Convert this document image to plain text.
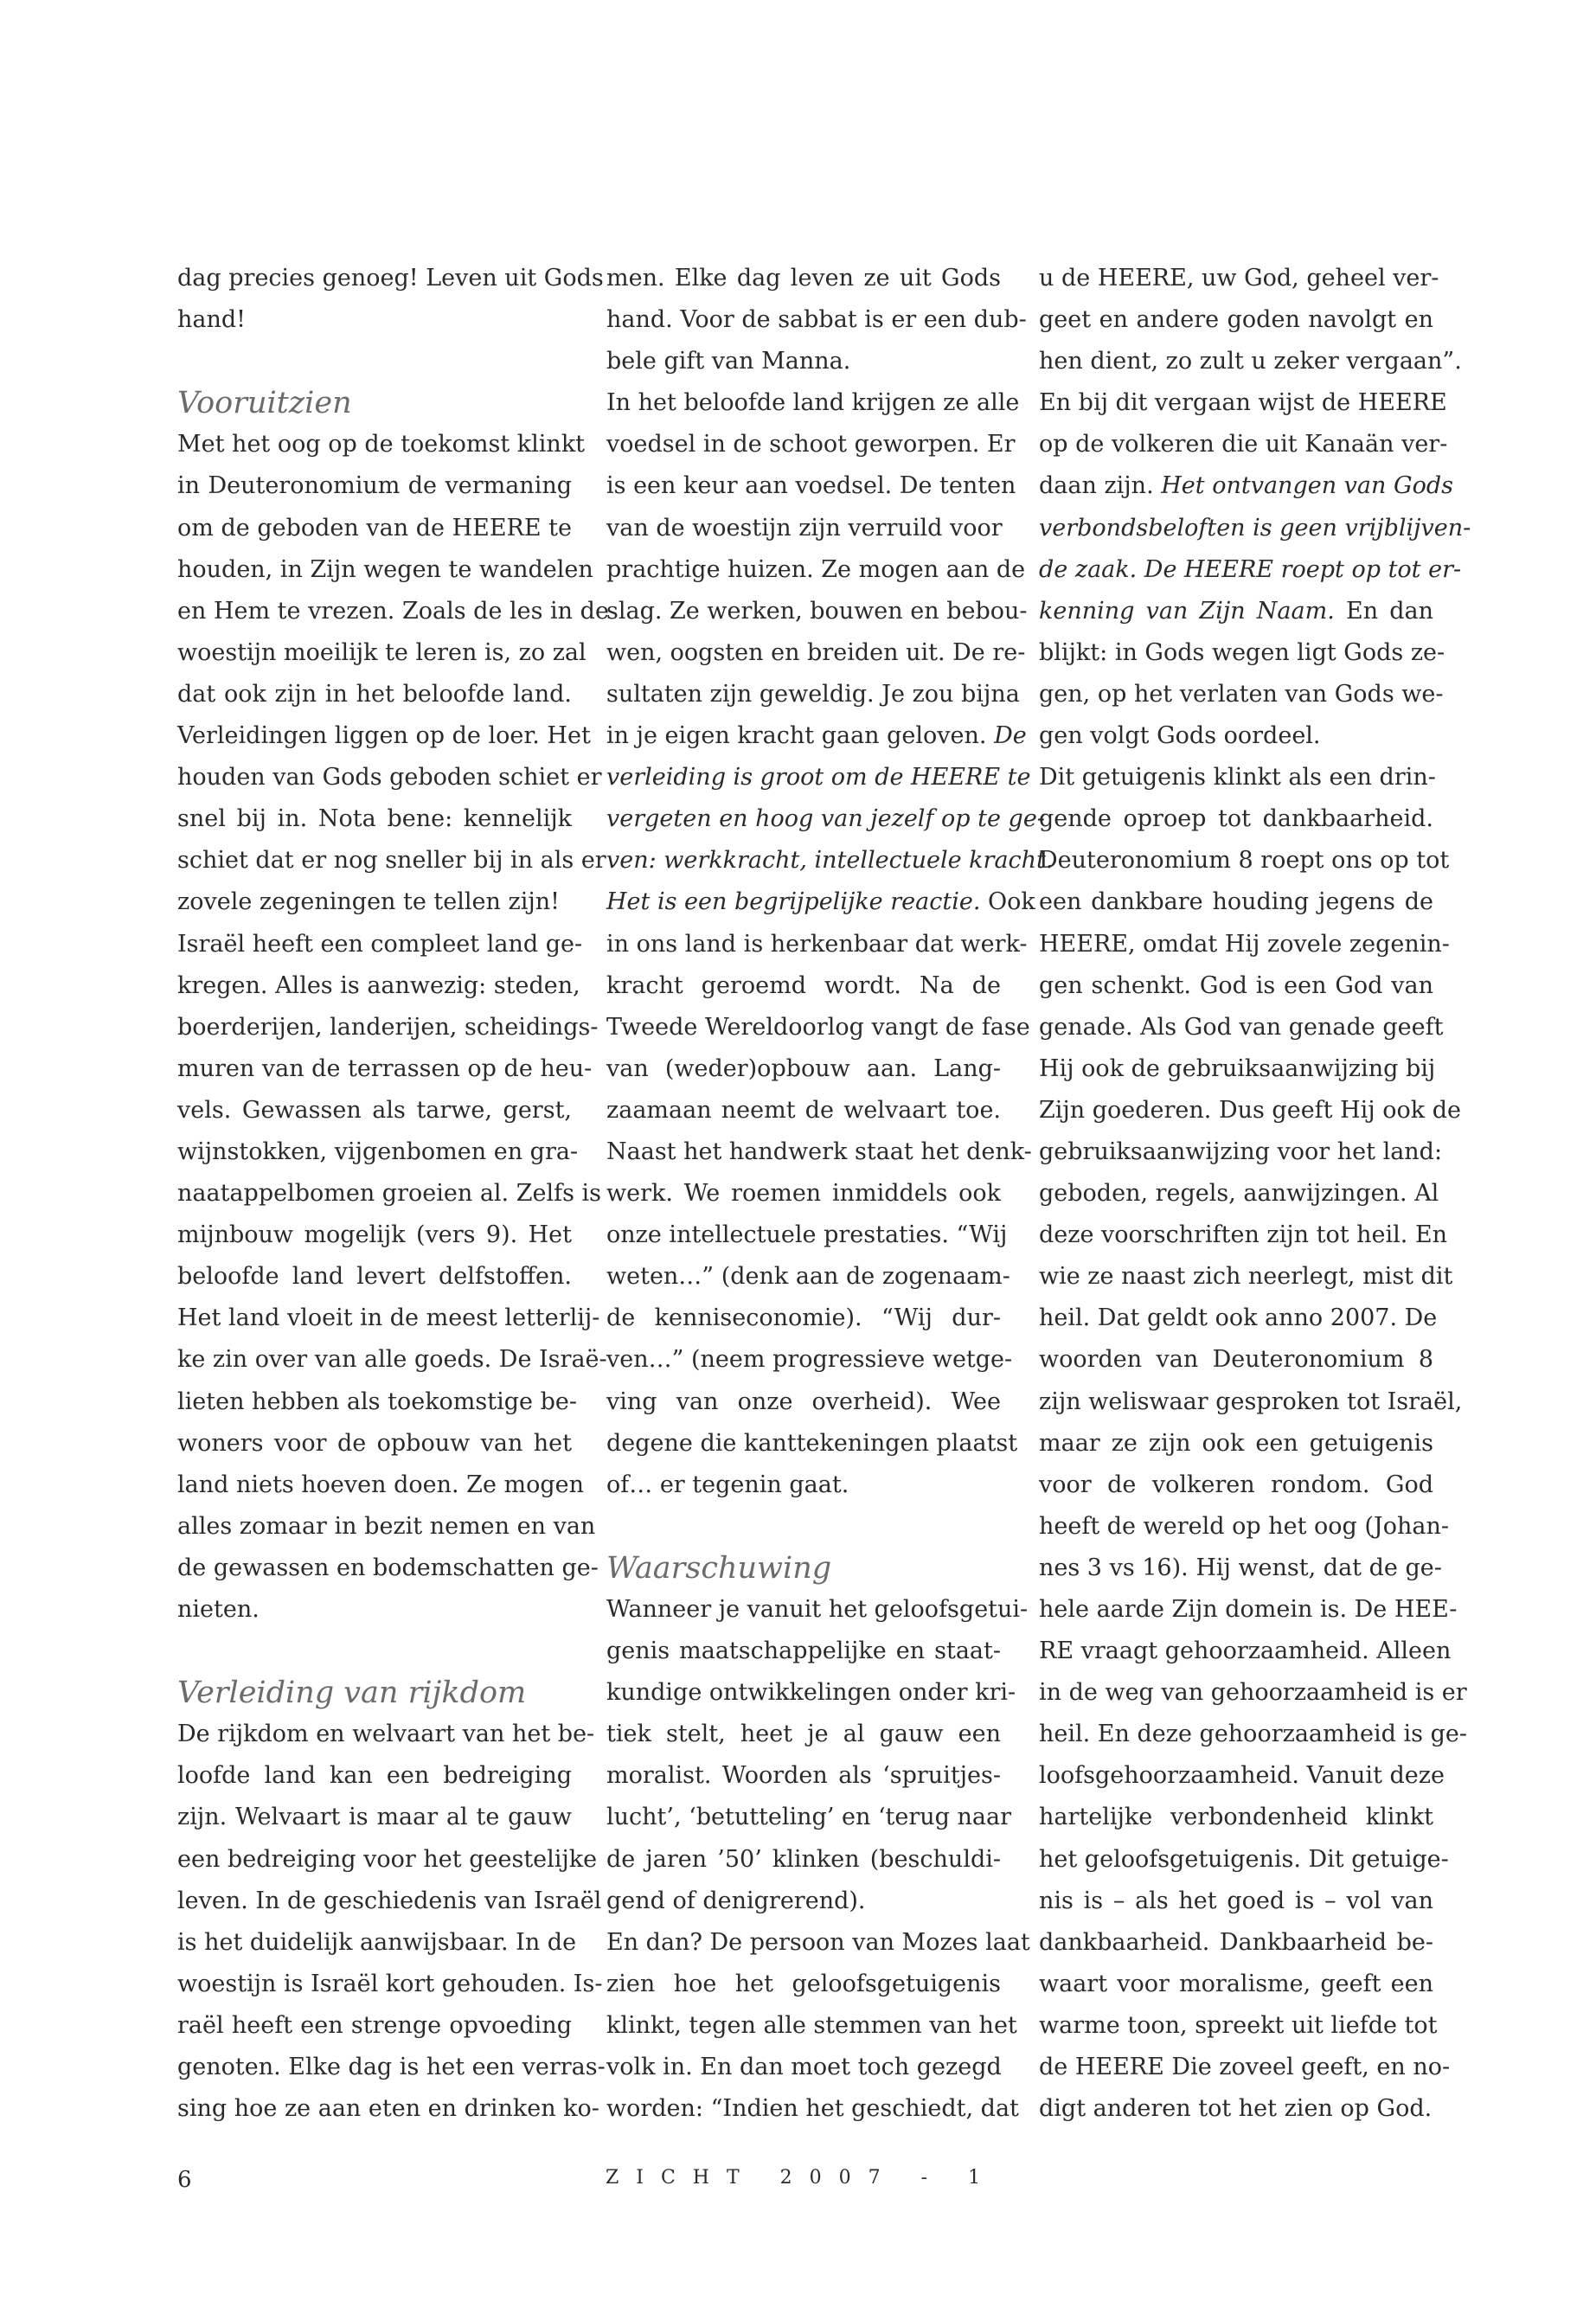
dag precies genoeg! Leven uit Gods
hand!
Vooruitzien
Met het oog op de toekomst klinkt
in Deuteronomium de vermaning
om de geboden van de HEERE te
houden, in Zijn wegen te wandelen
en Hem te vrezen. Zoals de les in de
woestijn moeilijk te leren is, zo zal
dat ook zijn in het beloofde land.
Verleidingen liggen op de loer. Het
houden van Gods geboden schiet er
snel bij in. Nota bene: kennelijk
schiet dat er nog sneller bij in als er
zovele zegeningen te tellen zijn!
Israël heeft een compleet land ge-
kregen. Alles is aanwezig: steden,
boerderijen, landerijen, scheidings-
muren van de terrassen op de heu-
vels. Gewassen als tarwe, gerst,
wijnstokken, vijgenbomen en gra-
naatappelbomen groeien al. Zelfs is
mijnbouw mogelijk (vers 9). Het
beloofde land levert delfstoffen.
Het land vloeit in de meest letterlij-
ke zin over van alle goeds. De Israë-
lieten hebben als toekomstige be-
woners voor de opbouw van het
land niets hoeven doen. Ze mogen
alles zomaar in bezit nemen en van
de gewassen en bodemschatten ge-
nieten.
Verleiding van rijkdom
De rijkdom en welvaart van het be-
loofde land kan een bedreiging
zijn. Welvaart is maar al te gauw
een bedreiging voor het geestelijke
leven. In de geschiedenis van Israël
is het duidelijk aanwijsbaar. In de
woestijn is Israël kort gehouden. Is-
raël heeft een strenge opvoeding
genoten. Elke dag is het een verras-
sing hoe ze aan eten en drinken ko-
men. Elke dag leven ze uit Gods
hand. Voor de sabbat is er een dub-
bele gift van Manna.
In het beloofde land krijgen ze alle
voedsel in de schoot geworpen. Er
is een keur aan voedsel. De tenten
van de woestijn zijn verruild voor
prachtige huizen. Ze mogen aan de
slag. Ze werken, bouwen en bebou-
wen, oogsten en breiden uit. De re-
sultaten zijn geweldig. Je zou bijna
in je eigen kracht gaan geloven. De
verleiding is groot om de HEERE te
vergeten en hoog van jezelf op te ge-
ven: werkkracht, intellectuele kracht.
Het is een begrijpelijke reactie. Ook
in ons land is herkenbaar dat werk-
kracht geroemd wordt. Na de
Tweede Wereldoorlog vangt de fase
van (weder)opbouw aan. Lang-
zaamaan neemt de welvaart toe.
Naast het handwerk staat het denk-
werk. We roemen inmiddels ook
onze intellectuele prestaties. “Wij
weten…” (denk aan de zogenaam-
de kenniseconomie). “Wij dur-
ven…” (neem progressieve wetge-
ving van onze overheid). Wee
degene die kanttekeningen plaatst
of… er tegenin gaat.
Waarschuwing
Wanneer je vanuit het geloofsgetui-
genis maatschappelijke en staat-
kundige ontwikkelingen onder kri-
tiek stelt, heet je al gauw een
moralist. Woorden als ‘spruitjes-
lucht’, ‘betutteling’ en ‘terug naar
de jaren ’50’ klinken (beschuldi-
gend of denigrerend).
En dan? De persoon van Mozes laat
zien hoe het geloofsgetuigenis
klinkt, tegen alle stemmen van het
volk in. En dan moet toch gezegd
worden: “Indien het geschiedt, dat
u de HEERE, uw God, geheel ver-
geet en andere goden navolgt en
hen dient, zo zult u zeker vergaan”.
En bij dit vergaan wijst de HEERE
op de volkeren die uit Kanaän ver-
daan zijn. Het ontvangen van Gods
verbondsbeloften is geen vrijblijven-
de zaak. De HEERE roept op tot er-
kenning van Zijn Naam. En dan
blijkt: in Gods wegen ligt Gods ze-
gen, op het verlaten van Gods we-
gen volgt Gods oordeel.
Dit getuigenis klinkt als een drin-
gende oproep tot dankbaarheid.
Deuteronomium 8 roept ons op tot
een dankbare houding jegens de
HEERE, omdat Hij zovele zegenin-
gen schenkt. God is een God van
genade. Als God van genade geeft
Hij ook de gebruiksaanwijzing bij
Zijn goederen. Dus geeft Hij ook de
gebruiksaanwijzing voor het land:
geboden, regels, aanwijzingen. Al
deze voorschriften zijn tot heil. En
wie ze naast zich neerlegt, mist dit
heil. Dat geldt ook anno 2007. De
woorden van Deuteronomium 8
zijn weliswaar gesproken tot Israël,
maar ze zijn ook een getuigenis
voor de volkeren rondom. God
heeft de wereld op het oog (Johan-
nes 3 vs 16). Hij wenst, dat de ge-
hele aarde Zijn domein is. De HEE-
RE vraagt gehoorzaamheid. Alleen
in de weg van gehoorzaamheid is er
heil. En deze gehoorzaamheid is ge-
loofsgehoorzaamheid. Vanuit deze
hartelijke verbondenheid klinkt
het geloofsgetuigenis. Dit getuige-
nis is – als het goed is – vol van
dankbaarheid. Dankbaarheid be-
waart voor moralisme, geeft een
warme toon, spreekt uit liefde tot
de HEERE Die zoveel geeft, en no-
digt anderen tot het zien op God.
6	ZICHT 2007 - 1
